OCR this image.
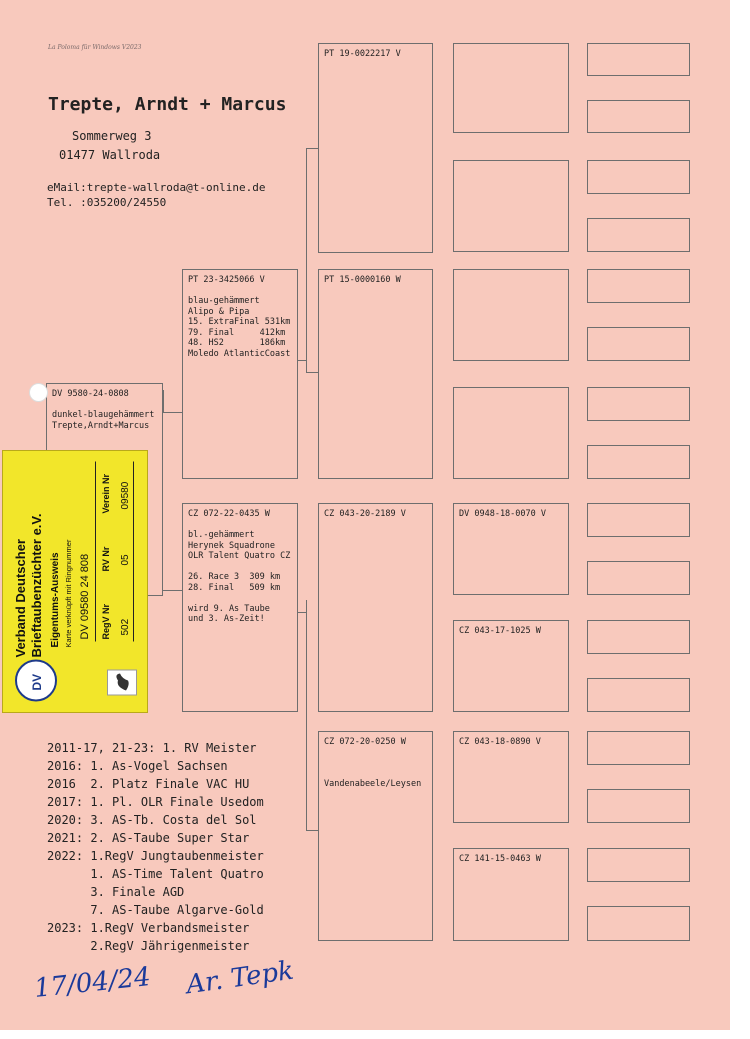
La Poloma für Windows V2023
Trepte, Arndt + Marcus
Sommerweg 3
01477 Wallroda
eMail:trepte-wallroda@t-online.de
Tel. :035200/24550
DV 9580-24-0808

dunkel-blaugehämmert
Trepte,Arndt+Marcus
PT 23-3425066 V

blau-gehämmert
Alipo & Pipa
15. ExtraFinal 531km
79. Final     412km
48. HS2       186km
Moledo AtlanticCoast
CZ 072-22-0435 W

bl.-gehämmert
Herynek Squadrone
OLR Talent Quatro CZ

26. Race 3  309 km
28. Final   509 km

wird 9. As Taube
und 3. As-Zeit!
PT 19-0022217 V
PT 15-0000160 W
CZ 043-20-2189 V
CZ 072-20-0250 W

Vandenabeele/Leysen
DV 0948-18-0070 V
CZ 043-17-1025 W
CZ 043-18-0890 V
CZ 141-15-0463 W
2011-17, 21-23: 1. RV Meister
2016: 1. As-Vogel Sachsen
2016  2. Platz Finale VAC HU
2017: 1. Pl. OLR Finale Usedom
2020: 3. AS-Tb. Costa del Sol
2021: 2. AS-Taube Super Star
2022: 1.RegV Jungtaubenmeister
1. AS-Time Talent Quatro
3. Finale AGD
7. AS-Taube Algarve-Gold
2023: 1.RegV Verbandsmeister
2.RegV Jährigenmeister
17/04/24 Ar. Tepk
DV
Verband Deutscher Brieftaubenzüchter e.V. Eigentums-Ausweis Karte verknüpft mit Ringnummer DV 09580 24 808 RegV Nr
RV Nr
Verein Nr
502
05
09580
